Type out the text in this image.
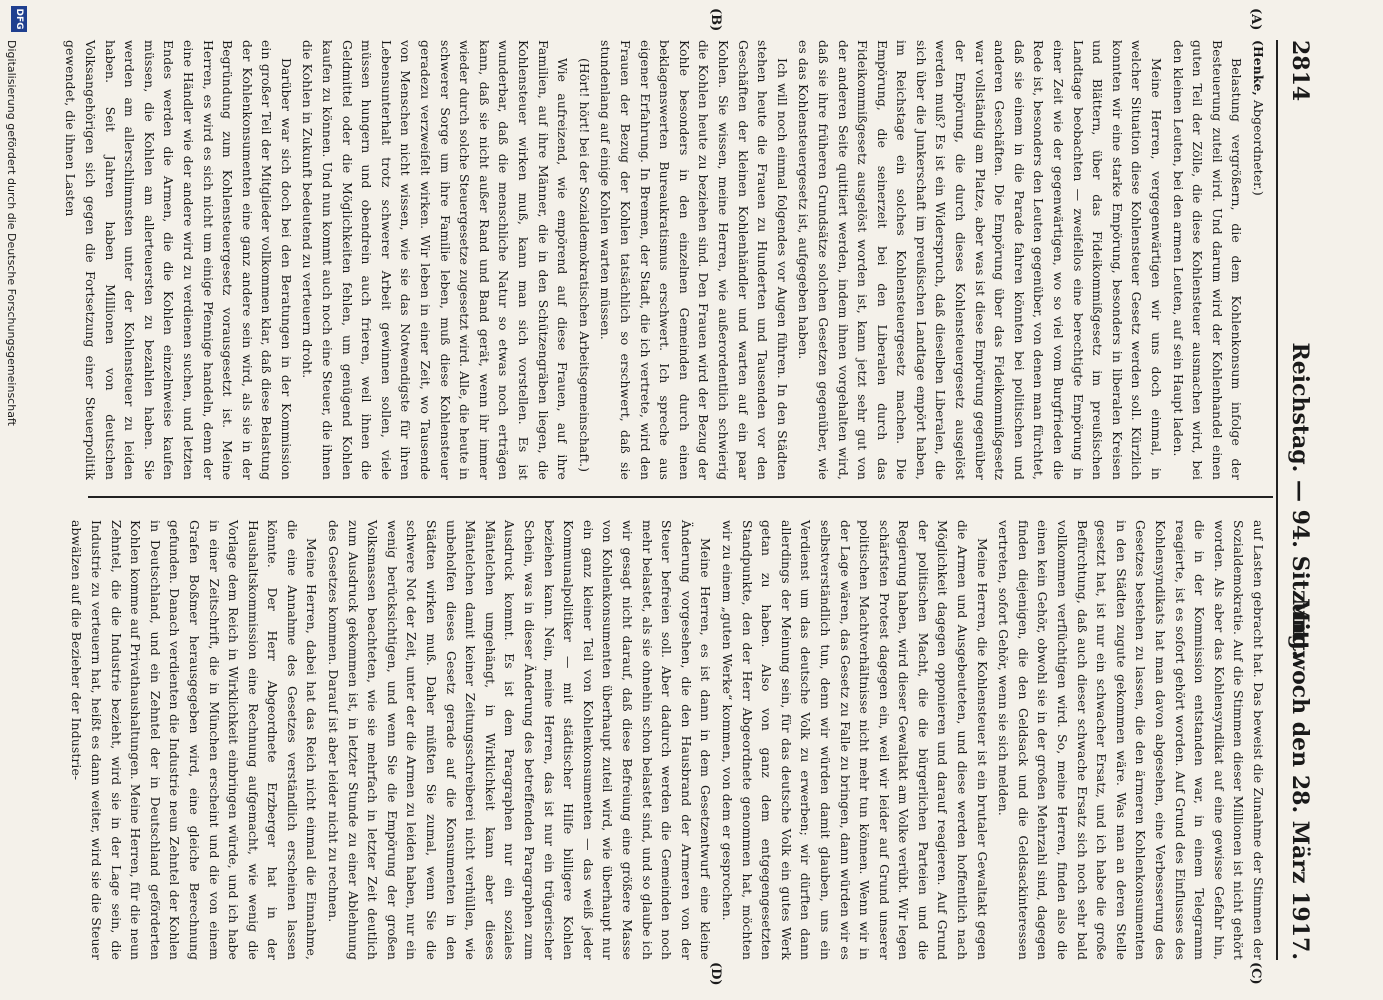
2814
Reichstag. — 94. Sitzung.
Mittwoch den 28. März 1917.
(A)
(B)
(C)
(D)

(Henke, Abgeordneter.)

Belastung vergrößern, die dem Kohlenkonsum infolge der Besteuerung zuteil wird. Und darum wird der Kohlenhandel einen guten Teil der Zölle, die diese Kohlensteuer ausmachen wird, bei den kleinen Leuten, bei den armen Leuten, auf sein Haupt laden.

Meine Herren, vergegenwärtigen wir uns doch einmal, in welcher Situation diese Kohlensteuer Gesetz werden soll. Kürzlich konnten wir eine starke Empörung, besonders in liberalen Kreisen und Blättern, über das Fideikommißgesetz im preußischen Landtage beobachten — zweifellos eine berechtigte Empörung in einer Zeit wie der gegenwärtigen, wo so viel vom Burgfrieden die Rede ist, besonders den Leuten gegenüber, von denen man fürchtet, daß sie einem in die Parade fahren könnten bei politischen und anderen Geschäften. Die Empörung über das Fideikommißgesetz war vollständig am Platze, aber was ist diese Empörung gegenüber der Empörung, die durch dieses Kohlensteuergesetz ausgelöst werden muß? Es ist ein Widerspruch, daß dieselben Liberalen, die sich über die Junkerschaft im preußischen Landtage empört haben, im Reichstage ein solches Kohlensteuergesetz machen. Die Empörung, die seinerzeit bei den Liberalen durch das Fideikommißgesetz ausgelöst worden ist, kann jetzt sehr gut von der anderen Seite quittiert werden, indem ihnen vorgehalten wird, daß sie ihre früheren Grundsätze solchen Gesetzen gegenüber, wie es das Kohlensteuergesetz ist, aufgegeben haben.

Ich will noch einmal folgendes vor Augen führen. In den Städten stehen heute die Frauen zu Hunderten und Tausenden vor den Geschäften der kleinen Kohlenhändler und warten auf ein paar Kohlen. Sie wissen, meine Herren, wie außerordentlich schwierig die Kohlen heute zu beziehen sind. Den Frauen wird der Bezug der Kohle besonders in den einzelnen Gemeinden durch einen beklagenswerten Bureaukratismus erschwert. Ich spreche aus eigener Erfahrung. In Bremen, der Stadt, die ich vertrete, wird den Frauen der Bezug der Kohlen tatsächlich so erschwert, daß sie stundenlang auf einige Kohlen warten müssen.

(Hört! hört! bei der Sozialdemokratischen Arbeitsgemeinschaft.)

Wie aufreizend, wie empörend auf diese Frauen, auf ihre Familien, auf ihre Männer, die in den Schützengräben liegen, die Kohlensteuer wirken muß, kann man sich vorstellen. Es ist wunderbar, daß die menschliche Natur so etwas noch erträgen kann, daß sie nicht außer Rand und Band gerät, wenn ihr immer wieder durch solche Steuergesetze zugesetzt wird. Alle, die heute in schwerer Sorge um ihre Familie leben, muß diese Kohlensteuer geradezu verzweifelt wirken. Wir leben in einer Zeit, wo Tausende von Menschen nicht wissen, wie sie das Notwendigste für ihren Lebensunterhalt trotz schwerer Arbeit gewinnen sollen, viele müssen hungern und obendrein auch frieren, weil ihnen die Geldmittel oder die Möglichkeiten fehlen, um genügend Kohlen kaufen zu können. Und nun kommt auch noch eine Steuer, die ihnen die Kohlen in Zukunft bedeutend zu verteuern droht.

Darüber war sich doch bei den Beratungen in der Kommission ein großer Teil der Mitglieder vollkommen klar, daß diese Belastung der Kohlenkonsumenten eine ganz andere sein wird, als sie in der Begründung zum Kohlensteuergesetz vorausgesetzt ist. Meine Herren, es wird es sich nicht um einige Pfennige handeln, denn der eine Händler wie der andere wird zu verdienen suchen, und letzten Endes werden die Armen, die die Kohlen einzelnweise kaufen müssen, die Kohlen am allerteuersten zu bezahlen haben. Sie werden am allerschlimmsten unter der Kohlensteuer zu leiden haben. Seit Jahren haben Millionen von deutschen Volksangehörigen sich gegen die Fortsetzung einer Steuerpolitik gewendet, die ihnen Lasten

auf Lasten gebracht hat. Das beweist die Zunahme der Stimmen der Sozialdemokratie. Auf die Stimmen dieser Millionen ist nicht gehört worden. Als aber das Kohlensyndikat auf eine gewisse Gefahr hin, die in der Kommission entstanden war, in einem Telegramm reagierte, ist es sofort gehört worden. Auf Grund des Einflusses des Kohlensyndikats hat man davon abgesehen, eine Verbesserung des Gesetzes bestehen zu lassen, die den ärmeren Kohlenkonsumenten in den Städten zugute gekommen wäre. Was man an deren Stelle gesetzt hat, ist nur ein schwacher Ersatz, und ich habe die große Befürchtung, daß auch dieser schwache Ersatz sich noch sehr bald vollkommen verflüchtigen wird. So, meine Herren, finden also die einen kein Gehör, obwohl sie in der großen Mehrzahl sind, dagegen finden diejenigen, die den Geldsack und die Geldsackinteressen vertreten, sofort Gehör, wenn sie sich melden.

Meine Herren, die Kohlensteuer ist ein brutaler Gewaltakt gegen die Armen und Ausgebeuteten, und diese werden hoffentlich nach Möglichkeit dagegen opponieren und darauf reagieren. Auf Grund der politischen Macht, die die bürgerlichen Parteien und die Regierung haben, wird dieser Gewaltakt am Volke verübt. Wir legen schärfsten Protest dagegen ein, weil wir leider auf Grund unserer politischen Machtverhältnisse nicht mehr tun können. Wenn wir in der Lage wären, das Gesetz zu Falle zu bringen, dann würden wir es selbstverständlich tun, denn wir würden damit glauben, uns ein Verdienst um das deutsche Volk zu erwerben; wir dürften dann allerdings der Meinung sein, für das deutsche Volk ein gutes Werk getan zu haben. Also von ganz dem entgegengesetzten Standpunkte, den der Herr Abgeordnete genommen hat, möchten wir zu einem „guten Werke“ kommen, von dem er gesprochen.

Meine Herren, es ist dann in dem Gesetzentwurf eine kleine Änderung vorgesehen, die den Hausbrand der Armeren von der Steuer befreien soll. Aber dadurch werden die Gemeinden noch mehr belastet, als sie ohnehin schon belastet sind, und so glaube ich wir gesagt nicht darauf, daß diese Befreiung eine größere Masse von Kohlenkonsumenten überhaupt zuteil wird, wie überhaupt nur ein ganz kleiner Teil von Kohlenkonsumenten — das weiß jeder Kommunalpolitiker — mit städtischer Hilfe billigere Kohlen beziehen kann. Nein, meine Herren, das ist nur ein trügerischer Schein, was in dieser Änderung des betreffenden Paragraphen zum Ausdruck kommt. Es ist dem Paragraphen nur ein soziales Mäntelchen umgehängt, in Wirklichkeit kann aber dieses Mäntelchen damit keiner Zeitungsschreiberei nicht verhüllen, wie unbeholfen dieses Gesetz gerade auf die Konsumenten in den Städten wirken muß. Daher müßten Sie zumal, wenn Sie die schwere Not der Zeit, unter der die Armen zu leiden haben, nur ein wenig berücksichtigen, und wenn Sie die Empörung der großen Volksmassen beachteten, wie sie mehrfach in letzter Zeit deutlich zum Ausdruck gekommen ist, in letzter Stunde zu einer Ablehnung des Gesetzes kommen. Darauf ist aber leider nicht zu rechnen.

Meine Herren, dabei hat das Reich nicht einmal die Einnahme, die eine Annahme des Gesetzes verständlich erscheinen lassen könnte. Der Herr Abgeordnete Erzberger hat in der Haushaltskommission eine Rechnung aufgemacht, wie wenig die Vorlage dem Reich in Wirklichkeit einbringen würde, und ich habe in einer Zeitschrift, die in München erscheint und die von einem Grafen Boßmer herausgegeben wird, eine gleiche Berechnung gefunden. Danach verdienten die Industrie neun Zehntel der Kohlen in Deutschland, und ein Zehntel der in Deutschland geförderten Kohlen komme auf Privathaushaltungen. Meine Herren, für die neun Zehntel, die die Industrie bezieht, wird sie in der Lage sein, die Industrie zu verteuern hat, heißt es dann weiter, wird sie die Steuer abwälzen auf die Bezieher der Industrie-

Digitalisierung gefördert durch die Deutsche Forschungsgemeinschaft
DFG
